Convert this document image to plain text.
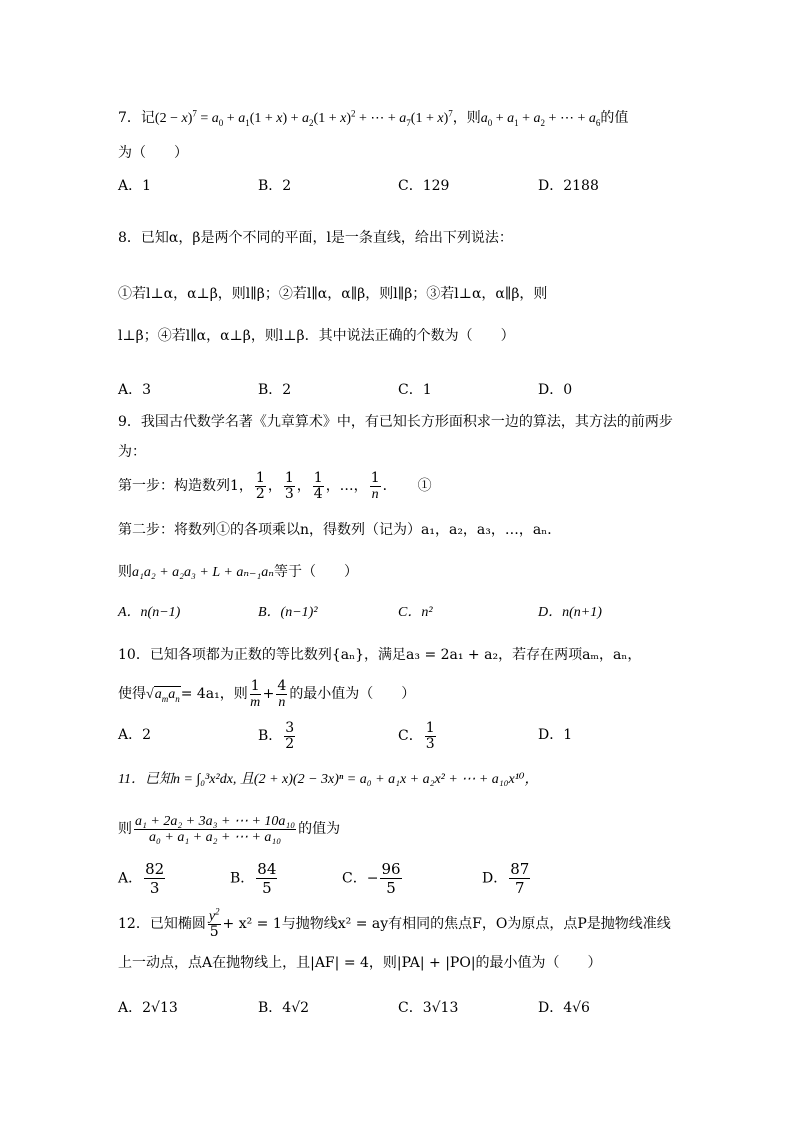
7．记$(2 - x)^7 = a_0 + a_1(1 + x) + a_2(1 + x)^2$ + ⋯ + $a_7(1 + x)^7$，则$a_0 + a_1 + a_2$ + ⋯ + $a_6$的值
为（　　）
A．1	B．2	C．129	D．2188
8．已知α，β是两个不同的平面，l是一条直线，给出下列说法：
①若l⊥α，α⊥β，则l∥β；②若l∥α，α∥β，则l∥β；③若l⊥α，α∥β，则
l⊥β；④若l∥α，α⊥β，则l⊥β．其中说法正确的个数为（　　）
A．3	B．2	C．1	D．0
9．我国古代数学名著《九章算术》中，有已知长方形面积求一边的算法，其方法的前两步
为：
第一步：构造数列1， $\frac{1}{2}$ ， $\frac{1}{3}$ ， $\frac{1}{4}$ ，…， $\frac{1}{n}$ ．　　①
第二步：将数列①的各项乘以n，得数列（记为）a₁，a₂，a₃，…，aₙ．
则a₁a₂ + a₂a₃ + L + aₙ₋₁aₙ等于（　　）
A．n(n−1)	B．(n−1)²	C．n²	D．n(n+1)
10．已知各项都为正数的等比数列{aₙ}，满足a₃ = 2a₁ + a₂，若存在两项aₘ，aₙ，
使得$√a_ma_n= 4a_1$，则 $\frac{1}{m} + \frac{4}{n}$ 的最小值为（　　）
A．2	B． $\frac{3}{2}$	C． $\frac{1}{3}$	D．1
11．已知n = ∫₀³x²dx, 且(2 + x)(2 − 3x)ⁿ = a₀ + a₁x + a₂x² + ⋯ + a₁₀x¹⁰，
则 $\frac{\text{a₁ + 2a₂ + 3a₃ + ⋯ + 10a₁₀}}{\text{a₀ + a₁ + a₂ + ⋯ + a₁₀}}$ 的值为
A． $\frac{82}{3}$	B． $\frac{84}{5}$	C．− $\frac{96}{5}$	D． $\frac{87}{7}$
12．已知椭圆 $\frac{y^2}{5} + x^2 = 1$与抛物线x² = ay有相同的焦点F，O为原点，点P是抛物线准线
上一动点，点A在抛物线上，且|AF| = 4，则|PA| + |PO|的最小值为（　　）
A．2√13	B．4√2	C．3√13	D．4√6
